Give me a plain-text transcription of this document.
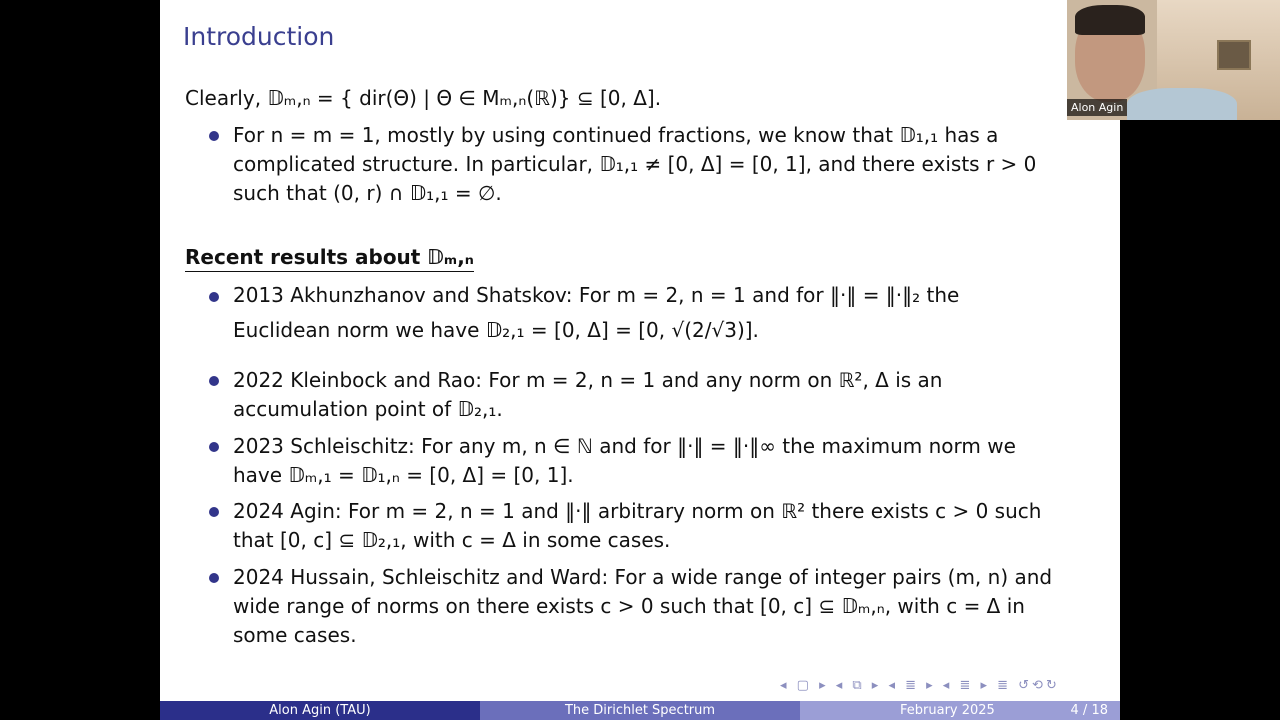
Introduction
Clearly, 𝔻ₘ,ₙ = { dir(Θ) | Θ ∈ Mₘ,ₙ(ℝ)} ⊆ [0, Δ].
For n = m = 1, mostly by using continued fractions, we know that 𝔻₁,₁ has a
complicated structure. In particular, 𝔻₁,₁ ≠ [0, Δ] = [0, 1], and there exists r > 0
such that (0, r) ∩ 𝔻₁,₁ = ∅.
Recent results about 𝔻ₘ,ₙ
2013 Akhunzhanov and Shatskov: For m = 2, n = 1 and for ‖·‖ = ‖·‖₂ the
Euclidean norm we have 𝔻₂,₁ = [0, Δ] = [0, √(2/√3)].
2022 Kleinbock and Rao: For m = 2, n = 1 and any norm on ℝ², Δ is an
accumulation point of 𝔻₂,₁.
2023 Schleischitz: For any m, n ∈ ℕ and for ‖·‖ = ‖·‖∞ the maximum norm we
have 𝔻ₘ,₁ = 𝔻₁,ₙ = [0, Δ] = [0, 1].
2024 Agin: For m = 2, n = 1 and ‖·‖ arbitrary norm on ℝ² there exists c > 0 such
that [0, c] ⊆ 𝔻₂,₁, with c = Δ in some cases.
2024 Hussain, Schleischitz and Ward: For a wide range of integer pairs (m, n) and
wide range of norms on there exists c > 0 such that [0, c] ⊆ 𝔻ₘ,ₙ, with c = Δ in
some cases.
◂ ▢ ▸ ◂ ⧉ ▸ ◂ ≣ ▸ ◂ ≣ ▸ ≣ ↺⟲↻
Alon Agin (TAU)	The Dirichlet Spectrum	February 2025	4 / 18
Alon Agin
